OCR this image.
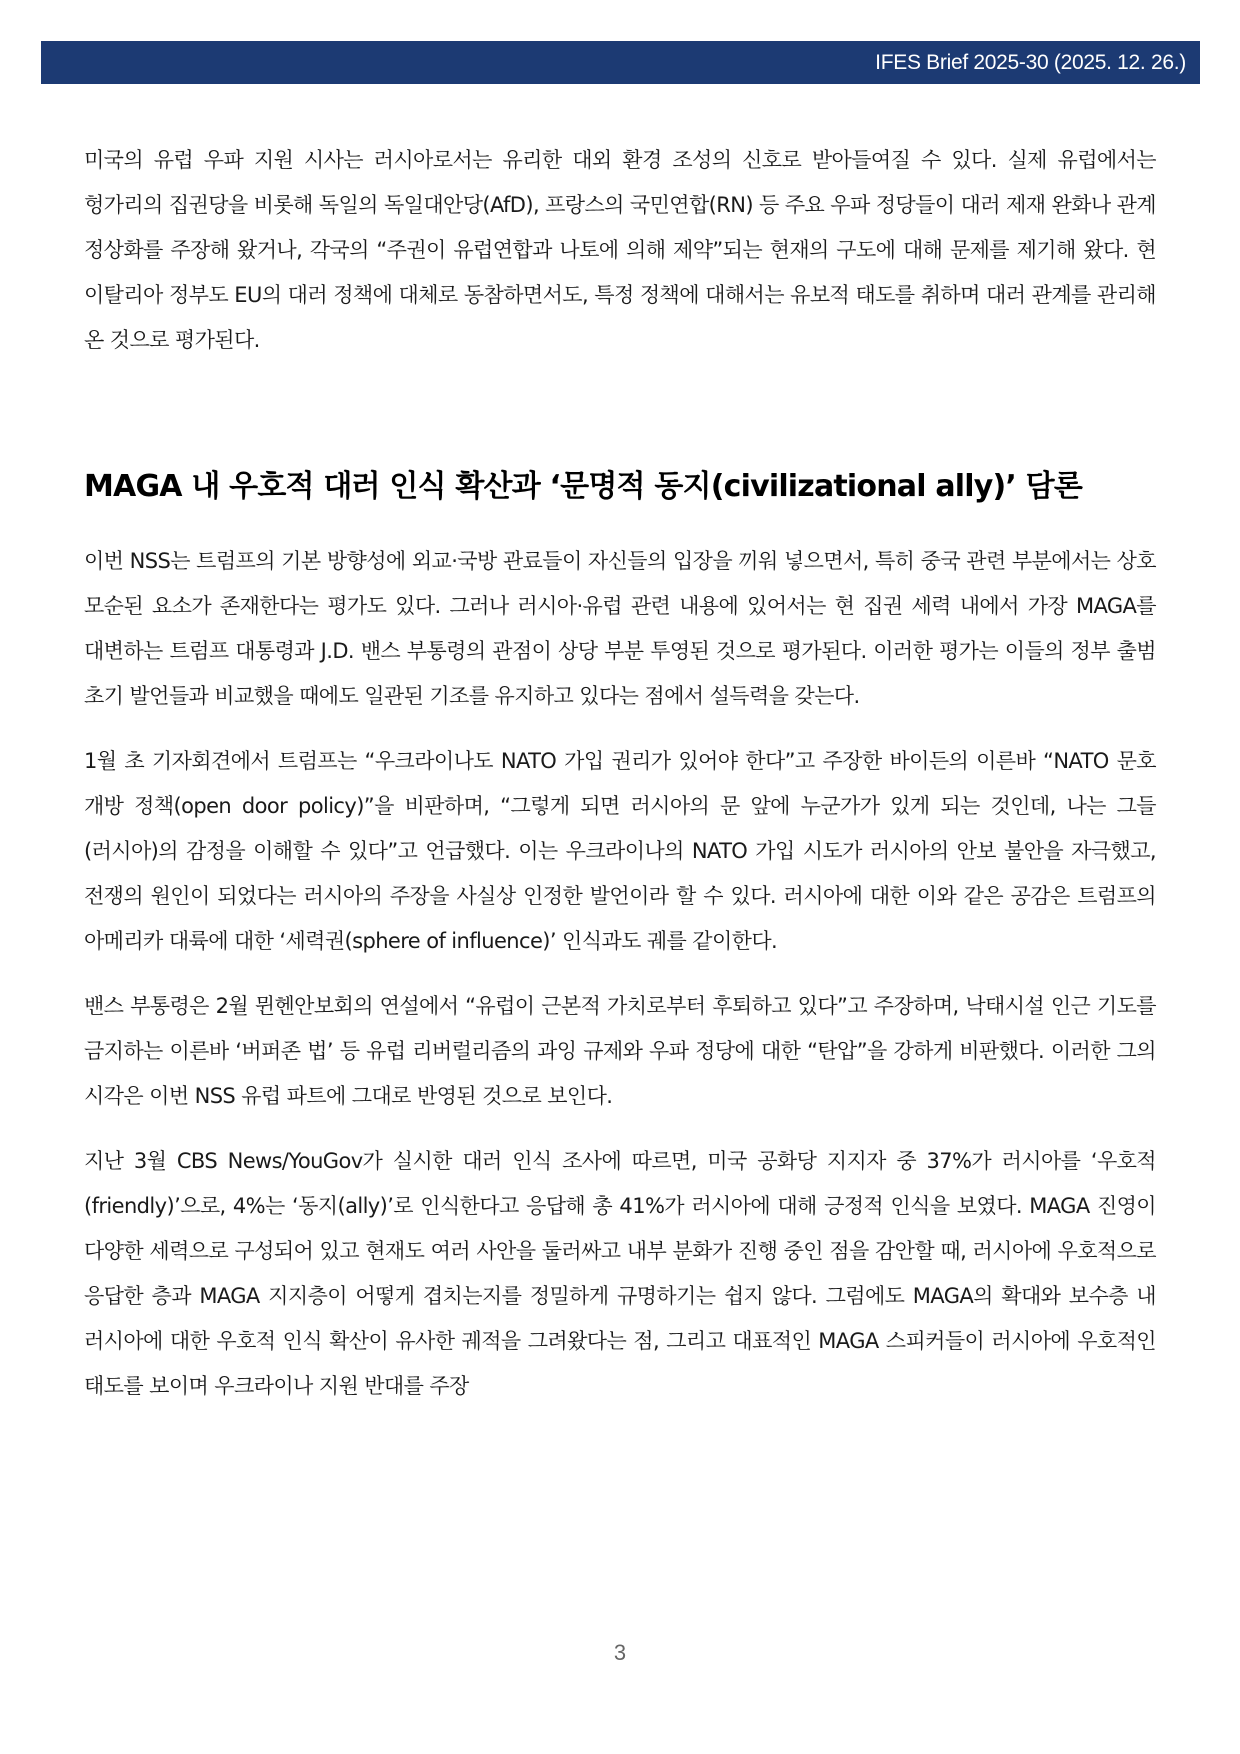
IFES Brief 2025-30 (2025. 12. 26.)

미국의 유럽 우파 지원 시사는 러시아로서는 유리한 대외 환경 조성의 신호로 받아들여질 수 있다. 실제 유럽에서는 헝가리의 집권당을 비롯해 독일의 독일대안당(AfD), 프랑스의 국민연합(RN) 등 주요 우파 정당들이 대러 제재 완화나 관계 정상화를 주장해 왔거나, 각국의 “주권이 유럽연합과 나토에 의해 제약”되는 현재의 구도에 대해 문제를 제기해 왔다. 현 이탈리아 정부도 EU의 대러 정책에 대체로 동참하면서도, 특정 정책에 대해서는 유보적 태도를 취하며 대러 관계를 관리해 온 것으로 평가된다.

MAGA 내 우호적 대러 인식 확산과 ‘문명적 동지(civilizational ally)’ 담론

이번 NSS는 트럼프의 기본 방향성에 외교·국방 관료들이 자신들의 입장을 끼워 넣으면서, 특히 중국 관련 부분에서는 상호 모순된 요소가 존재한다는 평가도 있다. 그러나 러시아·유럽 관련 내용에 있어서는 현 집권 세력 내에서 가장 MAGA를 대변하는 트럼프 대통령과 J.D. 밴스 부통령의 관점이 상당 부분 투영된 것으로 평가된다. 이러한 평가는 이들의 정부 출범 초기 발언들과 비교했을 때에도 일관된 기조를 유지하고 있다는 점에서 설득력을 갖는다.

1월 초 기자회견에서 트럼프는 “우크라이나도 NATO 가입 권리가 있어야 한다”고 주장한 바이든의 이른바 “NATO 문호 개방 정책(open door policy)”을 비판하며, “그렇게 되면 러시아의 문 앞에 누군가가 있게 되는 것인데, 나는 그들(러시아)의 감정을 이해할 수 있다”고 언급했다. 이는 우크라이나의 NATO 가입 시도가 러시아의 안보 불안을 자극했고, 전쟁의 원인이 되었다는 러시아의 주장을 사실상 인정한 발언이라 할 수 있다. 러시아에 대한 이와 같은 공감은 트럼프의 아메리카 대륙에 대한 ‘세력권(sphere of influence)’ 인식과도 궤를 같이한다.

밴스 부통령은 2월 뮌헨안보회의 연설에서 “유럽이 근본적 가치로부터 후퇴하고 있다”고 주장하며, 낙태시설 인근 기도를 금지하는 이른바 ‘버퍼존 법’ 등 유럽 리버럴리즘의 과잉 규제와 우파 정당에 대한 “탄압”을 강하게 비판했다. 이러한 그의 시각은 이번 NSS 유럽 파트에 그대로 반영된 것으로 보인다.

지난 3월 CBS News/YouGov가 실시한 대러 인식 조사에 따르면, 미국 공화당 지지자 중 37%가 러시아를 ‘우호적(friendly)’으로, 4%는 ‘동지(ally)’로 인식한다고 응답해 총 41%가 러시아에 대해 긍정적 인식을 보였다. MAGA 진영이 다양한 세력으로 구성되어 있고 현재도 여러 사안을 둘러싸고 내부 분화가 진행 중인 점을 감안할 때, 러시아에 우호적으로 응답한 층과 MAGA 지지층이 어떻게 겹치는지를 정밀하게 규명하기는 쉽지 않다. 그럼에도 MAGA의 확대와 보수층 내 러시아에 대한 우호적 인식 확산이 유사한 궤적을 그려왔다는 점, 그리고 대표적인 MAGA 스피커들이 러시아에 우호적인 태도를 보이며 우크라이나 지원 반대를 주장

3
